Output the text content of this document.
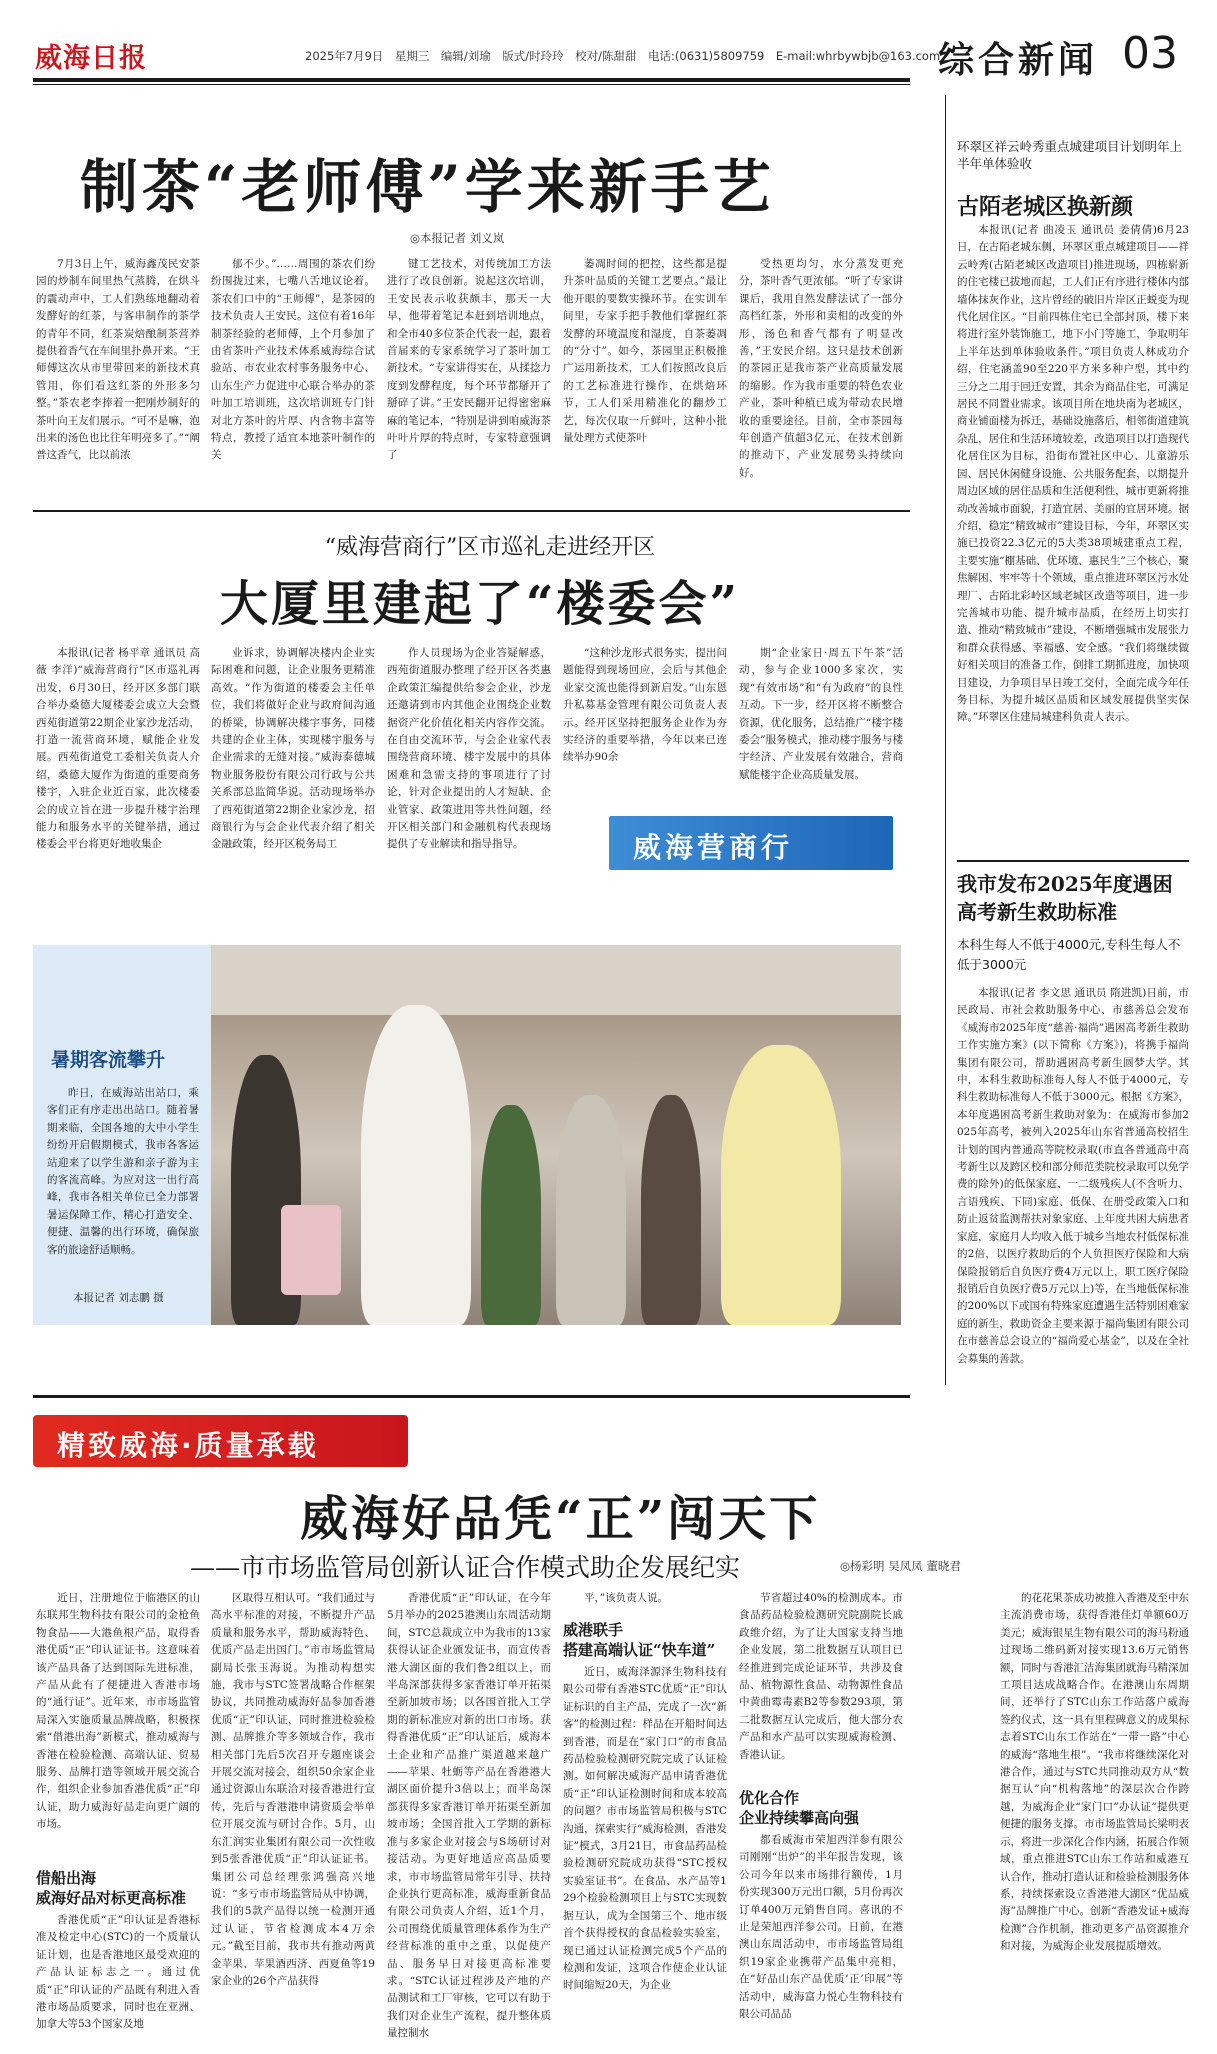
威海日报	2025年7月9日　星期三　编辑/刘瑜　版式/时玲玲　校对/陈甜甜　电话:(0631)5809759　E-mail:whrbywbjb@163.com
综合新闻 03
制茶“老师傅”学来新手艺
◎本报记者 刘义岚

7月3日上午，威海鑫茂民安茶园的炒制车间里热气蒸腾，在烘斗的震动声中，工人们熟练地翻动着发酵好的红茶，与客串制作的茶学的青年不同，红茶炭焙酿制茶营养提供着香气在车间里扑鼻开来。“王师傅这次从市里带回来的新技术真管用，你们看这红茶的外形多匀整。”茶农老李捧着一把刚炒制好的茶叶向王友们展示。“可不是嘛，泡出来的汤色也比往年明亮多了。”“阐普这香气，比以前浓

郁不少。”……周围的茶农们纷纷围拢过来，七嘴八舌地议论着。茶农们口中的“王师傅”，是茶园的技术负责人王安民。这位有着16年制茶经验的老师傅，上个月参加了由省茶叶产业技术体系威海综合试验站、市农业农村事务服务中心、山东生产力促进中心联合举办的茶叶加工培训班，这次培训班专门针对北方茶叶的片厚、内含物丰富等特点，教授了适宜本地茶叶制作的关

键工艺技术，对传统加工方法进行了改良创新。说起这次培训，王安民表示收获颇丰，那天一大早，他带着笔记本赶到培训地点，和全市40多位茶企代表一起，跟着首届来的专家系统学习了茶叶加工新技术。“专家讲得实在，从揉捻力度到发酵程度，每个环节都掰开了掰碎了讲。”王安民翻开记得密密麻麻的笔记本，“特别是讲到咱威海茶叶叶片厚的特点时，专家特意强调了

萎凋时间的把控，这些都是提升茶叶品质的关键工艺要点。”最让他开眼的要数实操环节。在实训车间里，专家手把手教他们掌握红茶发酵的环境温度和湿度，自茶萎凋的“分寸”。如今，茶园里正积极推广运用新技术，工人们按照改良后的工艺标准进行操作，在烘焙环节，工人们采用精准化的翻炒工艺，每次仅取一斤鲜叶，这种小批量处理方式使茶叶

受热更均匀，水分蒸发更充分，茶叶香气更浓郁。“听了专家讲课后，我用自然发酵法试了一部分高档红茶，外形和卖相的改变的外形，汤色和香气都有了明显改善，”王安民介绍。这只是技术创新的茶园正是我市茶产业高质量发展的缩影。作为我市重要的特色农业产业，茶叶种植已成为带动农民增收的重要途径。目前，全市茶园每年创造产值超3亿元，在技术创新的推动下，产业发展势头持续向好。

“威海营商行”区市巡礼走进经开区
大厦里建起了“楼委会”

本报讯(记者 杨平章 通讯员 高薇 李洋)“威海营商行”区市巡礼再出发，6月30日，经开区多部门联合举办桑德大厦楼委会成立大会暨西苑街道第22期企业家沙龙活动，打造一流营商环境，赋能企业发展。西苑街道党工委相关负责人介绍，桑德大厦作为街道的重要商务楼宇，入驻企业近百家，此次楼委会的成立旨在进一步提升楼宇治理能力和服务水平的关键举措，通过楼委会平台将更好地收集企

业诉求，协调解决楼内企业实际困难和问题，让企业服务更精准高效。“作为街道的楼委会主任单位，我们将做好企业与政府间沟通的桥梁，协调解决楼宇事务，同楼共建的企业主体，实现楼宇服务与企业需求的无缝对接。”威海泰德城物业服务股份有限公司行政与公共关系部总监简华说。活动现场举办了西苑街道第22期企业家沙龙，招商银行为与会企业代表介绍了相关金融政策，经开区税务局工

作人员现场为企业答疑解惑，西苑街道服办整理了经开区各类惠企政策汇编提供给参会企业，沙龙还邀请到市内其他企业围绕企业数据资产化价值化相关内容作交流。在自由交流环节，与会企业家代表围绕营商环境、楼宇发展中的具体困难和急需支持的事项进行了讨论，针对企业提出的人才短缺、企业管家、政策进用等共性问题，经开区相关部门和金融机构代表现场提供了专业解读和指导指导。

“这种沙龙形式很务实，提出问题能得到现场回应，会后与其他企业家交流也能得到新启发。”山东恩升私募基金管理有限公司负责人表示。经开区坚持把服务企业作为夯实经济的重要举措，今年以来已连续举办90余

期“企业家日·周五下午茶”活动，参与企业1000多家次，实现“有效市场”和“有为政府”的良性互动。下一步，经开区将不断整合资源，优化服务，总结推广“楼宇楼委会”服务模式，推动楼宇服务与楼宇经济、产业发展有效融合，营商赋能楼宇企业高质量发展。

威海营商行
暑期客流攀升

昨日，在威海站出站口，乘客们正有序走出出站口。随着暑期来临，全国各地的大中小学生纷纷开启假期模式，我市各客运站迎来了以学生游和亲子游为主的客流高峰。为应对这一出行高峰，我市各相关单位已全力部署暑运保障工作，精心打造安全、便捷、温馨的出行环境，确保旅客的旅途舒适顺畅。

本报记者 刘志鹏 摄
精致威海·质量承载
威海好品凭“正”闯天下
——市市场监管局创新认证合作模式助企发展纪实	◎杨彩明 吴凤凤 董晓君

近日，注册地位于临港区的山东联邦生物科技有限公司的金枪鱼物食品——大港鱼根产品，取得香港优质“正”印认证证书。这意味着该产品具备了达到国际先进标准，产品从此有了便捷进入香港市场的“通行证”。近年来，市市场监管局深入实施质量品牌战略，积极探索“借港出海”新模式，推动威海与香港在检验检测、高端认证、贸易服务、品牌打造等领域开展交流合作，组织企业参加香港优质“正”印认证，助力威海好品走向更广阔的市场。

借船出海
威海好品对标更高标准

香港优质“正”印认证是香港标准及检定中心(STC)的一个质量认证计划，也是香港地区最受欢迎的产品认证标志之一。通过优质“正”印认证的产品既有利进入香港市场品质要求，同时也在亚洲、加拿大等53个国家及地

区取得互相认可。“我们通过与高水平标准的对接，不断提升产品质量和服务水平，帮助威海特色、优质产品走出国门。”市市场监管局副局长张玉海说。为推动构想实施，我市与STC签署战略合作框架协议，共同推动威海好品参加香港优质“正”印认证，同时推进检验检测、品牌推介等多领域合作，我市相关部门先后5次召开专题座谈会开展交流对接会，组织50余家企业通过资源山东联洽对接香港进行宣传，先后与香港港申请资质会举单位开展交流与研讨合作。5月，山东汇润实业集团有限公司一次性收到5张香港优质“正”印认证证书。集团公司总经理张鸿强高兴地说：“多亏市市场监管局从中协调，我们的5款产品得以统一检测开通过认证，节省检测成本4万余元。”截至目前，我市共有推动两黄金苹果、苹果酒西济、西夏鱼等19家企业的26个产品获得

香港优质“正”印认证，在今年5月举办的2025港澳山东周活动期间，STC总裁成立中为我市的13家获得认证企业颁发证书，而宣传香港大湖区面的我们鲁2组以上，而半岛深部获得多家香港订单开拓渠至新加坡市场；以各国首批入工学期的新标准应对新的出口市场。获得香港优质“正”印认证后，威海本土企业和产品推广渠道越来越广——苹果、牡蛎等产品在香港港大湖区面价提升3倍以上；而半岛深部获得多家香港订单开拓渠至新加坡市场；全国首批入工学期的新标准与多家企业对接会与S场研讨对接活动。为更好地适应高品质要求，市市场监管局常年引导、扶持企业执行更高标准，威海重新食品有限公司负责人介绍，近1个月，公司围绕优质量管理体系作为生产经营标准的重中之重，以促使产品、服务早日对接更高标准要求。“STC认证过程涉及产地的产品测试和工厂审核，它可以有助于我们对企业生产流程，提升整体质量控制水

平，”该负责人说。

威港联手
搭建高端认证“快车道”

近日，威海泽源泽生物科技有限公司带有香港STC优质“正”印认证标识的自主产品，完成了一次“新客”的检测过程：样品在开船时间达到香港，而是在“家门口”的市食品药品检验检测研究院完成了认证检测。如何解决威海产品申请香港优质“正”印认证检测时间和成本较高的问题？市市场监管局积极与STC沟通，探索实行“威海检测，香港发证”模式，3月21日，市食品药品检验检测研究院成功获得“STC授权实验室证书”。在食品、水产品等129个检验检测项目上与STC实现数据互认，成为全国第三个、地市级首个获得授权的食品检验实验室，现已通过认证检测完成5个产品的检测和发证，这项合作使企业认证时间缩短20天，为企业

节省超过40%的检测成本。市食品药品检验检测研究院副院长戚政维介绍，为了让大国家支持当地企业发展，第二批数据互认项目已经推进到完成论证环节，共涉及食品、植物源性食品、动物源性食品中黄曲霉毒素B2等参数293项，第二批数据互认完成后，他大部分农产品和水产品可以实现威海检测、香港认证。

优化合作
企业持续攀高向强

都看威海市荣旭西洋参有限公司刚刚“出炉”的半年报告发现，该公司今年以来市场排行额传，1月份实现300万元出口额，5月份再次订单400万元销售自同。喜讯的不止是荣旭西洋参公司。日前，在港澳山东周活动中，市市场监管局组织19家企业携带产品集中亮相，在“好品山东产品优质‘正’印展”等活动中，威海富力悦心生物科技有限公司品品

的花花果茶成功被推入香港及至中东主流消费市场，获得香港佳灯单额60万美元；威海银星生物有限公司的海马粉通过现场二维码新对接实现13.6万元销售额，同时与香港汇洁海集团就海马精深加工项目达成战略合作。在港澳山东周期间，还举行了STC山东工作站落户威海签约仪式，这一具有里程碑意义的成果标志着STC山东工作站在“一带一路”中心的威海“落地生根”。“我市将继续深化对港合作，通过与STC共同推动双方从“数据互认”向“机构落地”的深层次合作跨越，为威海企业“家门口”办认证“提供更便捷的服务支撑。市市场监管局长梁明表示，将进一步深化合作内涵，拓展合作领域，重点推进STC山东工作站和威港互认合作，推动打造认证和检验检测服务体系，持续探索设立香港港大湖区“优品威海”品牌推广中心。创新“香港发证+威海检测”合作机制，推动更多产品资源推介和对接，为威海企业发展提质增效。

环翠区祥云岭秀重点城建项目计划明年上半年单体验收
古陌老城区换新颜

本报讯(记者 曲凌玉 通讯员 姜倩倩)6月23日，在古陌老城东侧，环翠区重点城建项目——祥云岭秀(古陌老城区改造项目)推进现场，四栋崭新的住宅楼已拔地而起，工人们正有序进行楼体内部墙体抹灰作业，这片曾经的破旧片岸区正蜕变为现代化居住区。“目前四栋住宅已全部封顶，楼下来将进行室外装饰施工，地下小门等施工，争取明年上半年达到单体验收条件。”项目负责人林成功介绍，住宅涵盖90至220平方米多种户型，其中约三分之二用于回迁安置，其余为商品住宅，可满足居民不同置业需求。该项目所在地块南为老城区，商业铺面楼为拆迁，基础设施落后，相邻街道建筑杂乱，居住和生活环境较差，改造项目以打造现代化居住区为目标，沿街布置社区中心、儿童游乐园、居民休闲健身设施、公共服务配套，以期提升周边区域的居住品质和生活便利性，城市更新将推动改善城市面貌，打造宜居、美丽的宜居环境。据介绍，稳定“精致城市”建设目标，今年，环翠区实施已投资22.3亿元的5大类38项城建重点工程，主要实施“棚基础、优环境、惠民生”三个核心，聚焦解困、牢牢等十个领域，重点推进环翠区污水处理厂、古陌北彩岭区域老城区改造等项目，进一步完善城市功能、提升城市品质，在经历上切实打造、推动“精致城市”建设，不断增强城市发展张力和群众获得感、幸福感、安全感。“我们将继续做好相关项目的准备工作，倒排工期抓进度，加快项目建设，力争项目早日竣工交付，全面完成今年任务目标，为提升城区品质和区域发展提供坚实保障。”环翠区住建局城建科负责人表示。

我市发布2025年度遇困高考新生救助标准
本科生每人不低于4000元,专科生每人不低于3000元

本报讯(记者 李文思 通讯员 隋进凯)日前，市民政局、市社会救助服务中心、市慈善总会发布《威海市2025年度“慈善·福尚”遇困高考新生救助工作实施方案》(以下简称《方案》)，将携手福尚集团有限公司，帮助遇困高考新生圆梦大学。其中，本科生救助标准每人每人不低于4000元，专科生救助标准每人不低于3000元。根据《方案》，本年度遇困高考新生救助对象为：在威海市参加2025年高考，被列入2025年山东省普通高校招生计划的国内普通高等院校录取(市直各普通高中高考新生以及跨区校和部分师范类院校录取可以免学费的除外)的低保家庭、一二级残疾人(不含听力、言语残疾、下同)家庭、低保、在册受政策入口和防止返贫监测帮扶对象家庭、上年度共困大病患者家庭，家庭月人均收入低于城乡当地农村低保标准的2倍，以医疗救助后的个人负担医疗保险和大病保险报销后自负医疗费4万元以上，职工医疗保险报销后自负医疗费5万元以上)等，在当地低保标准的200%以下或国有特殊家庭遭遇生活特别困难家庭的新生，救助资金主要来源于福尚集团有限公司在市慈善总会设立的“福尚爱心基金”，以及在全社会募集的善款。
